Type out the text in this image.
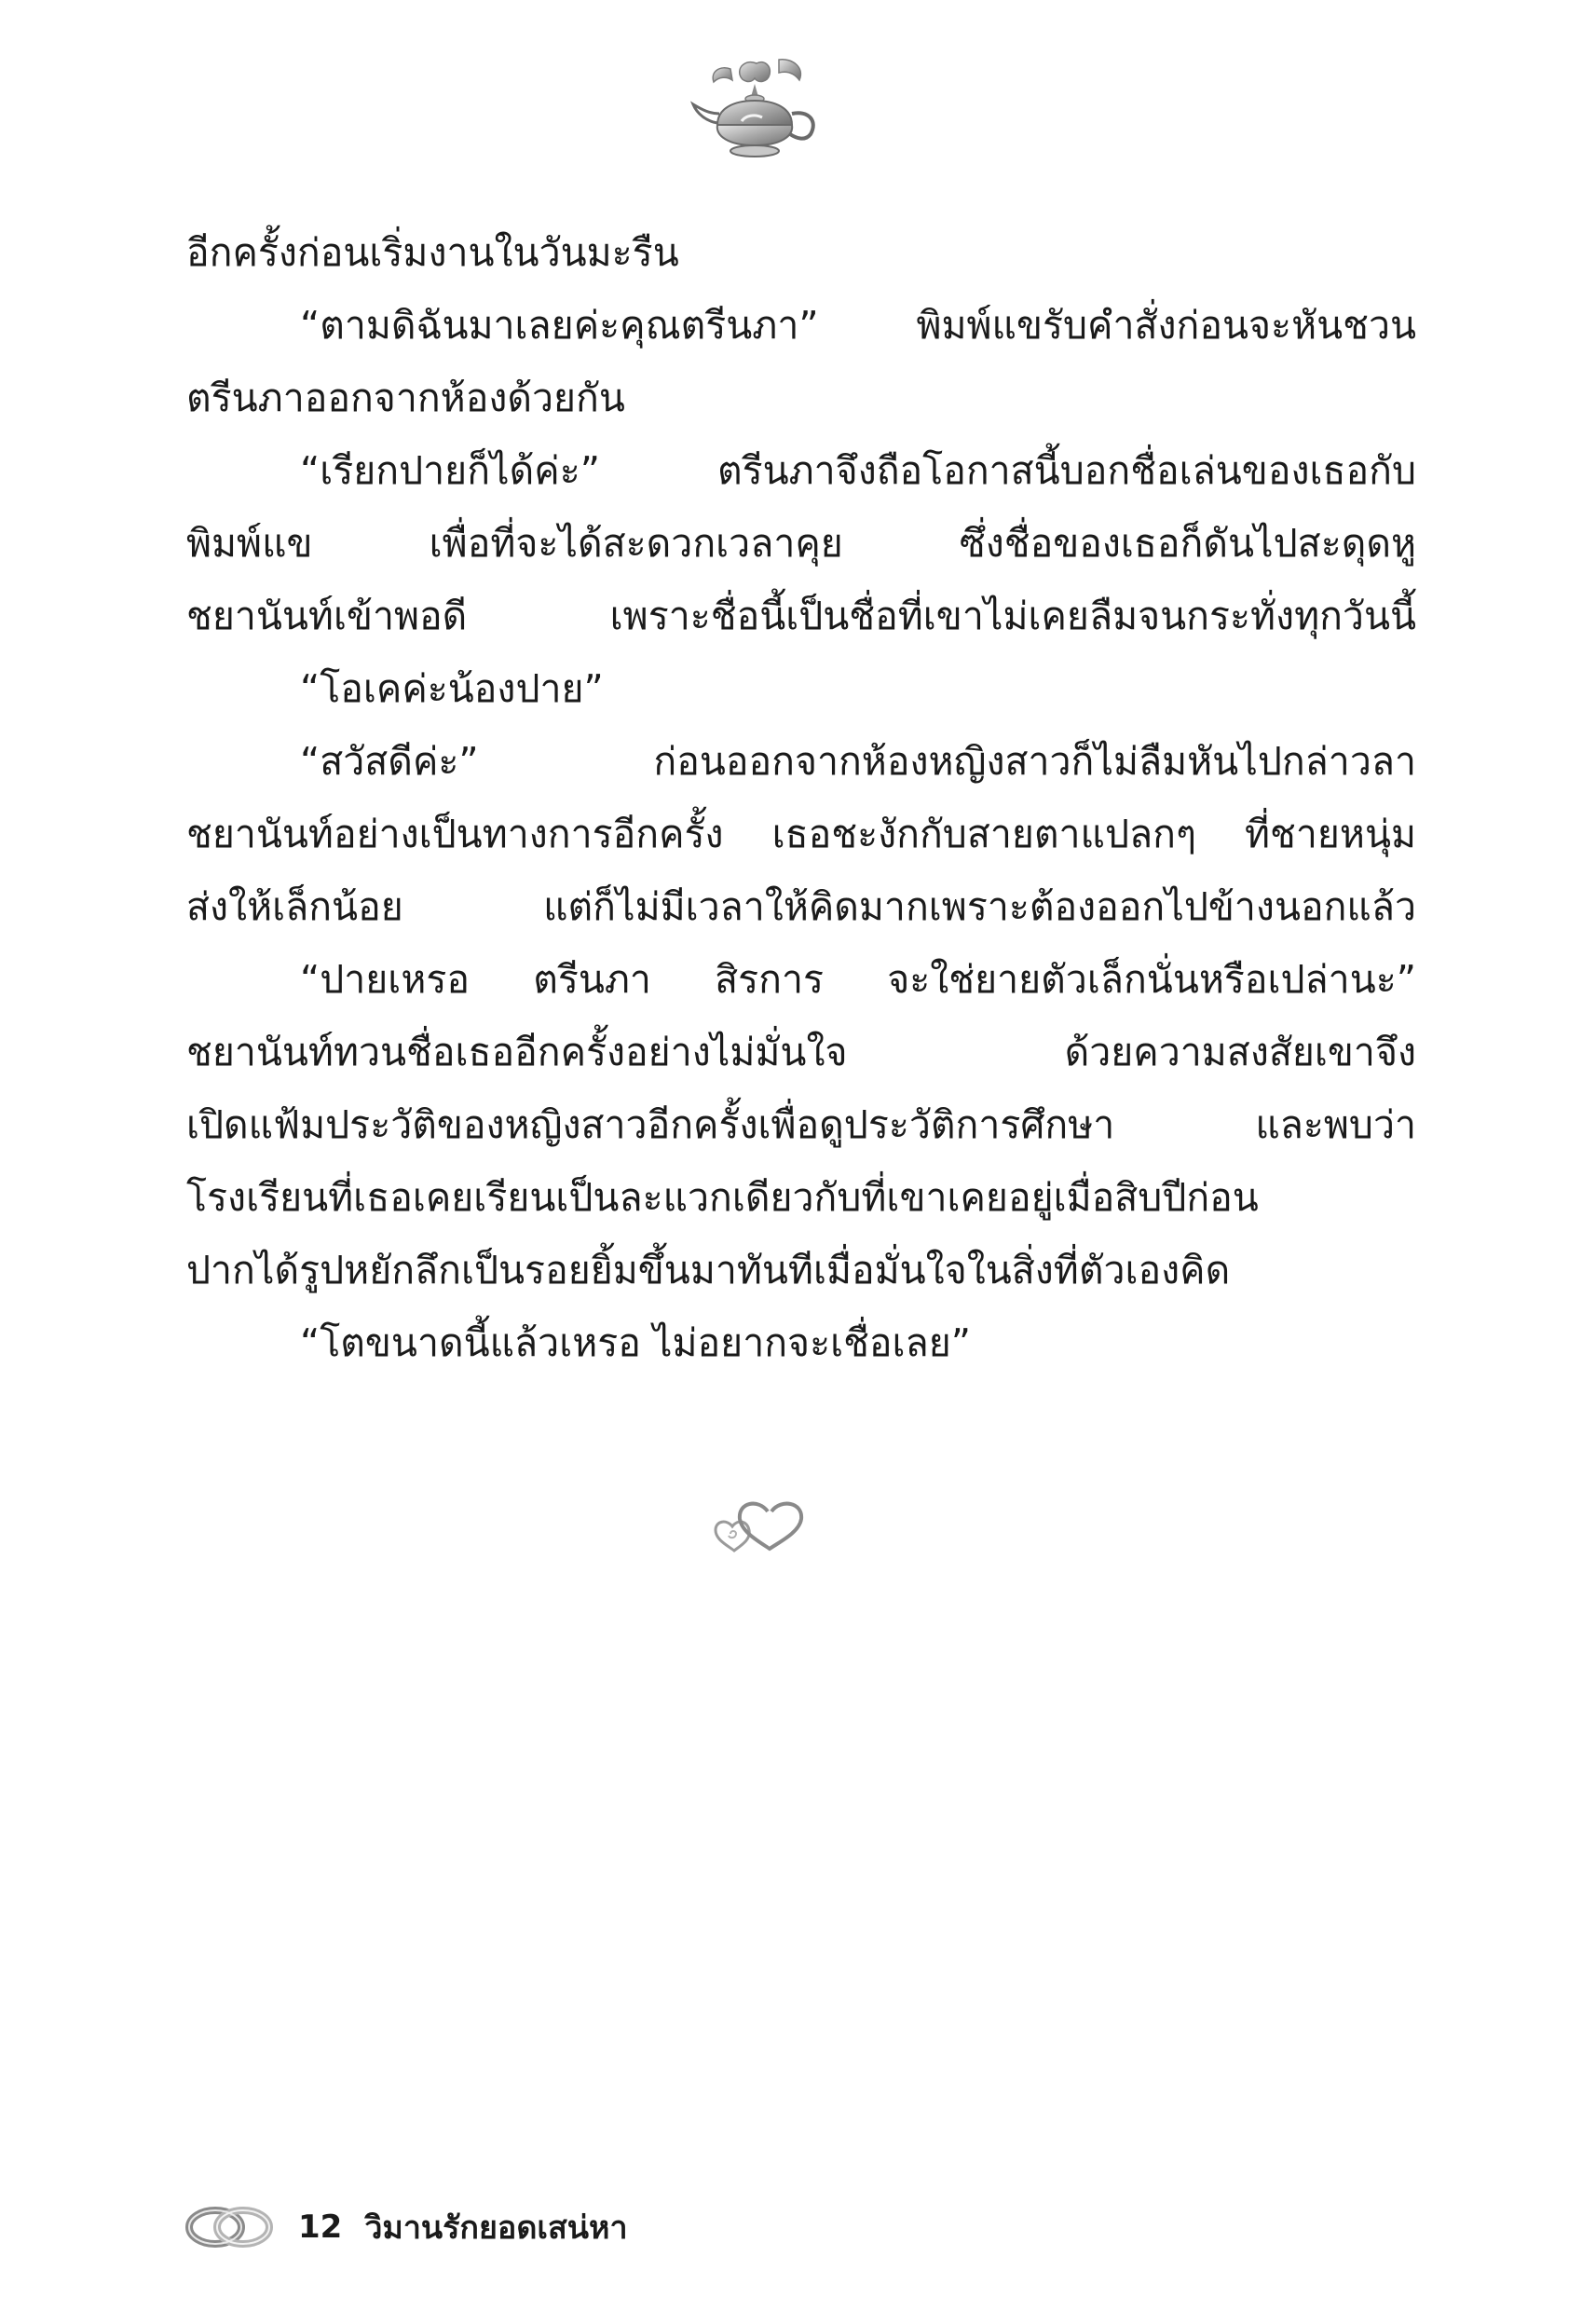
อีกครั้งก่อนเริ่มงานในวันมะรืน
“ตามดิฉันมาเลยค่ะคุณตรีนภา” พิมพ์แขรับคำสั่งก่อนจะหันชวน
ตรีนภาออกจากห้องด้วยกัน
“เรียกปายก็ได้ค่ะ” ตรีนภาจึงถือโอกาสนี้บอกชื่อเล่นของเธอกับ
พิมพ์แข เพื่อที่จะได้สะดวกเวลาคุย ซึ่งชื่อของเธอก็ดันไปสะดุดหู
ชยานันท์เข้าพอดี เพราะชื่อนี้เป็นชื่อที่เขาไม่เคยลืมจนกระทั่งทุกวันนี้
“โอเคค่ะน้องปาย”
“สวัสดีค่ะ” ก่อนออกจากห้องหญิงสาวก็ไม่ลืมหันไปกล่าวลา
ชยานันท์อย่างเป็นทางการอีกครั้ง เธอชะงักกับสายตาแปลกๆ ที่ชายหนุ่ม
ส่งให้เล็กน้อย แต่ก็ไม่มีเวลาให้คิดมากเพราะต้องออกไปข้างนอกแล้ว
“ปายเหรอ ตรีนภา สิรการ จะใช่ยายตัวเล็กนั่นหรือเปล่านะ”
ชยานันท์ทวนชื่อเธออีกครั้งอย่างไม่มั่นใจ ด้วยความสงสัยเขาจึง
เปิดแฟ้มประวัติของหญิงสาวอีกครั้งเพื่อดูประวัติการศึกษา และพบว่า
โรงเรียนที่เธอเคยเรียนเป็นละแวกเดียวกับที่เขาเคยอยู่เมื่อสิบปีก่อน
ปากได้รูปหยักลึกเป็นรอยยิ้มขึ้นมาทันทีเมื่อมั่นใจในสิ่งที่ตัวเองคิด
“โตขนาดนี้แล้วเหรอ ไม่อยากจะเชื่อเลย”
12 วิมานรักยอดเสน่หา
